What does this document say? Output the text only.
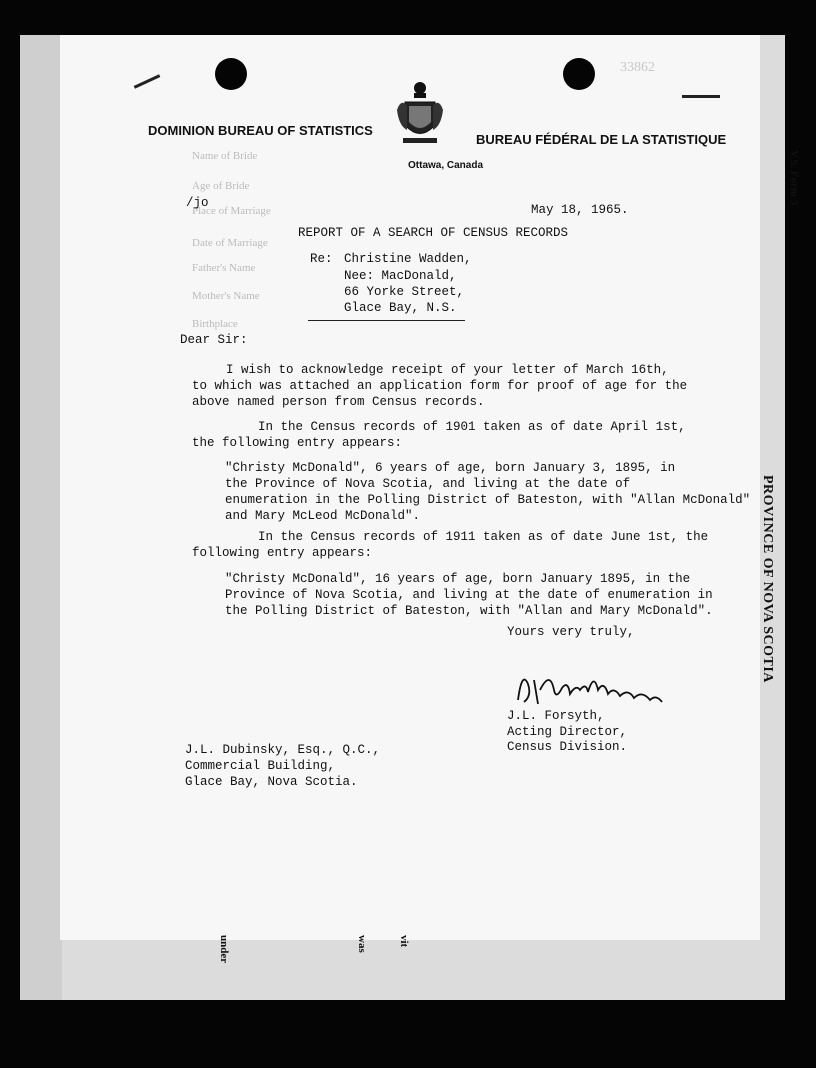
V.S. Form 3
PROVINCE OF NOVA SCOTIA
33862
Name of Bride
Age of Bride
Place of Marriage
Date of Marriage
Father's Name
Mother's Name
Birthplace
DOMINION BUREAU OF STATISTICS
BUREAU FÉDÉRAL DE LA STATISTIQUE
Ottawa, Canada
/jo	May 18, 1965.
REPORT OF A SEARCH OF CENSUS RECORDS
Re: Christine Wadden,
Nee: MacDonald,
66 Yorke Street,
Glace Bay, N.S.
Dear Sir:
I wish to acknowledge receipt of your letter of March 16th,
to which was attached an application form for proof of age for the
above named person from Census records.
In the Census records of 1901 taken as of date April 1st,
the following entry appears:
"Christy McDonald", 6 years of age, born January 3, 1895, in
the Province of Nova Scotia, and living at the date of
enumeration in the Polling District of Bateston, with "Allan McDonald"
and Mary McLeod McDonald".
In the Census records of 1911 taken as of date June 1st, the
following entry appears:
"Christy McDonald", 16 years of age, born January 1895, in the
Province of Nova Scotia, and living at the date of enumeration in
the Polling District of Bateston, with "Allan and Mary McDonald".
Yours very truly,
J.L. Forsyth,
Acting Director,
Census Division.
J.L. Dubinsky, Esq., Q.C.,
Commercial Building,
Glace Bay, Nova Scotia.
under	was	vit
